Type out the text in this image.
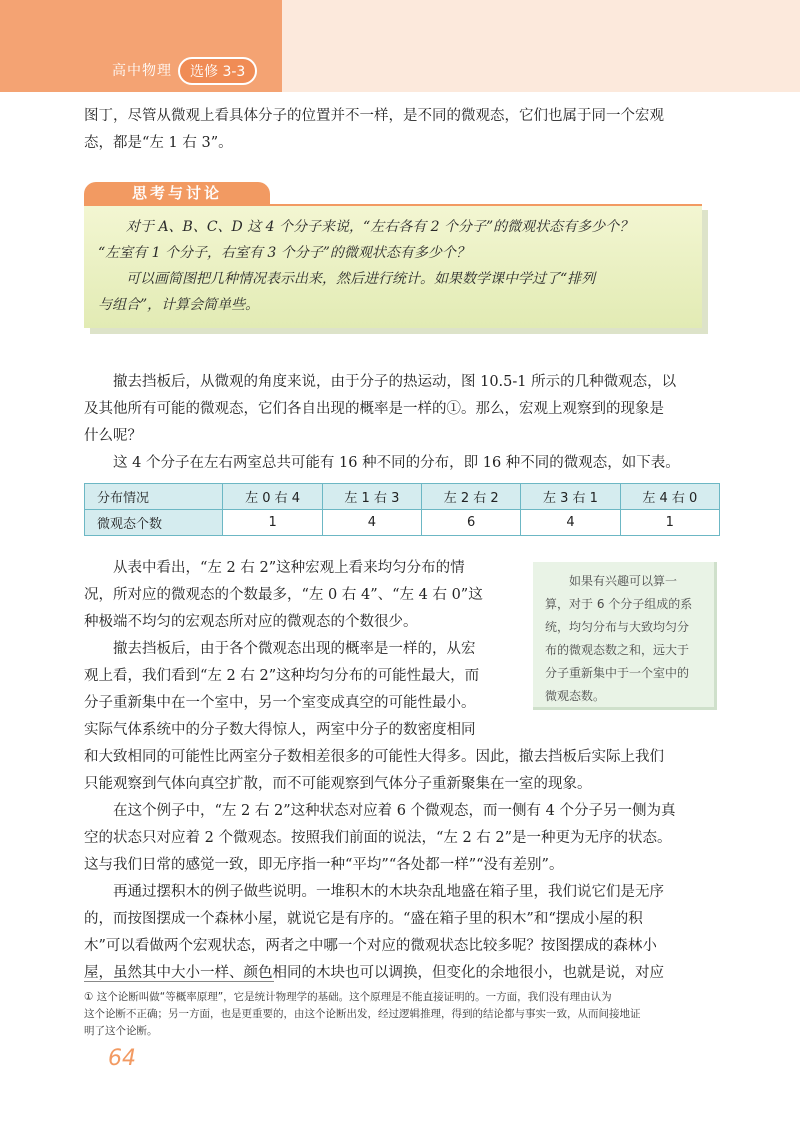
高中物理	选修 3-3

图丁，尽管从微观上看具体分子的位置并不一样，是不同的微观态，它们也属于同一个宏观

态，都是“左 1 右 3”。

思考与讨论

对于 A、B、C、D 这 4 个分子来说，“左右各有 2 个分子”的微观状态有多少个？

“左室有 1 个分子，右室有 3 个分子”的微观状态有多少个？

可以画简图把几种情况表示出来，然后进行统计。如果数学课中学过了“排列

与组合”，计算会简单些。

撤去挡板后，从微观的角度来说，由于分子的热运动，图 10.5-1 所示的几种微观态，以

及其他所有可能的微观态，它们各自出现的概率是一样的①。那么，宏观上观察到的现象是

什么呢？

这 4 个分子在左右两室总共可能有 16 种不同的分布，即 16 种不同的微观态，如下表。

分布情况	左 0 右 4	左 1 右 3	左 2 右 2	左 3 右 1	左 4 右 0
微观态个数	1	4	6	4	1

从表中看出，“左 2 右 2”这种宏观上看来均匀分布的情

况，所对应的微观态的个数最多，“左 0 右 4”、“左 4 右 0”这

种极端不均匀的宏观态所对应的微观态的个数很少。

如果有兴趣可以算一

算，对于 6 个分子组成的系
统，均匀分布与大致均匀分
布的微观态数之和，远大于
分子重新集中于一个室中的
微观态数。

撤去挡板后，由于各个微观态出现的概率是一样的，从宏

观上看，我们看到“左 2 右 2”这种均匀分布的可能性最大，而

分子重新集中在一个室中，另一个室变成真空的可能性最小。

实际气体系统中的分子数大得惊人，两室中分子的数密度相同

和大致相同的可能性比两室分子数相差很多的可能性大得多。因此，撤去挡板后实际上我们

只能观察到气体向真空扩散，而不可能观察到气体分子重新聚集在一室的现象。

在这个例子中，“左 2 右 2”这种状态对应着 6 个微观态，而一侧有 4 个分子另一侧为真

空的状态只对应着 2 个微观态。按照我们前面的说法，“左 2 右 2”是一种更为无序的状态。

这与我们日常的感觉一致，即无序指一种“平均”“各处都一样”“没有差别”。

再通过摆积木的例子做些说明。一堆积木的木块杂乱地盛在箱子里，我们说它们是无序

的，而按图摆成一个森林小屋，就说它是有序的。“盛在箱子里的积木”和“摆成小屋的积

木”可以看做两个宏观状态，两者之中哪一个对应的微观状态比较多呢？按图摆成的森林小

屋，虽然其中大小一样、颜色相同的木块也可以调换，但变化的余地很小，也就是说，对应

① 这个论断叫做“等概率原理”，它是统计物理学的基础。这个原理是不能直接证明的。一方面，我们没有理由认为
这个论断不正确；另一方面，也是更重要的，由这个论断出发，经过逻辑推理，得到的结论都与事实一致，从而间接地证
明了这个论断。
64
